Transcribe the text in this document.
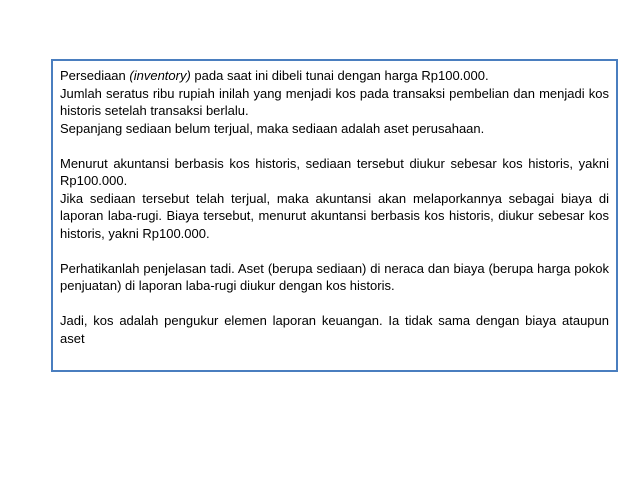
Persediaan (inventory) pada saat ini dibeli tunai dengan harga Rp100.000.

Jumlah seratus ribu rupiah inilah yang menjadi kos pada transaksi pembelian dan menjadi kos historis setelah transaksi berlalu.

Sepanjang sediaan belum terjual, maka sediaan adalah aset perusahaan.

Menurut akuntansi berbasis kos historis, sediaan tersebut diukur sebesar kos historis, yakni Rp100.000.

Jika sediaan tersebut telah terjual, maka akuntansi akan melaporkannya sebagai biaya di laporan laba-rugi. Biaya tersebut, menurut akuntansi berbasis kos historis, diukur sebesar kos historis, yakni Rp100.000.

Perhatikanlah penjelasan tadi. Aset (berupa sediaan) di neraca dan biaya (berupa harga pokok penjuatan) di laporan laba-rugi diukur dengan kos historis.

Jadi, kos adalah pengukur elemen laporan keuangan. Ia tidak sama dengan biaya ataupun aset
